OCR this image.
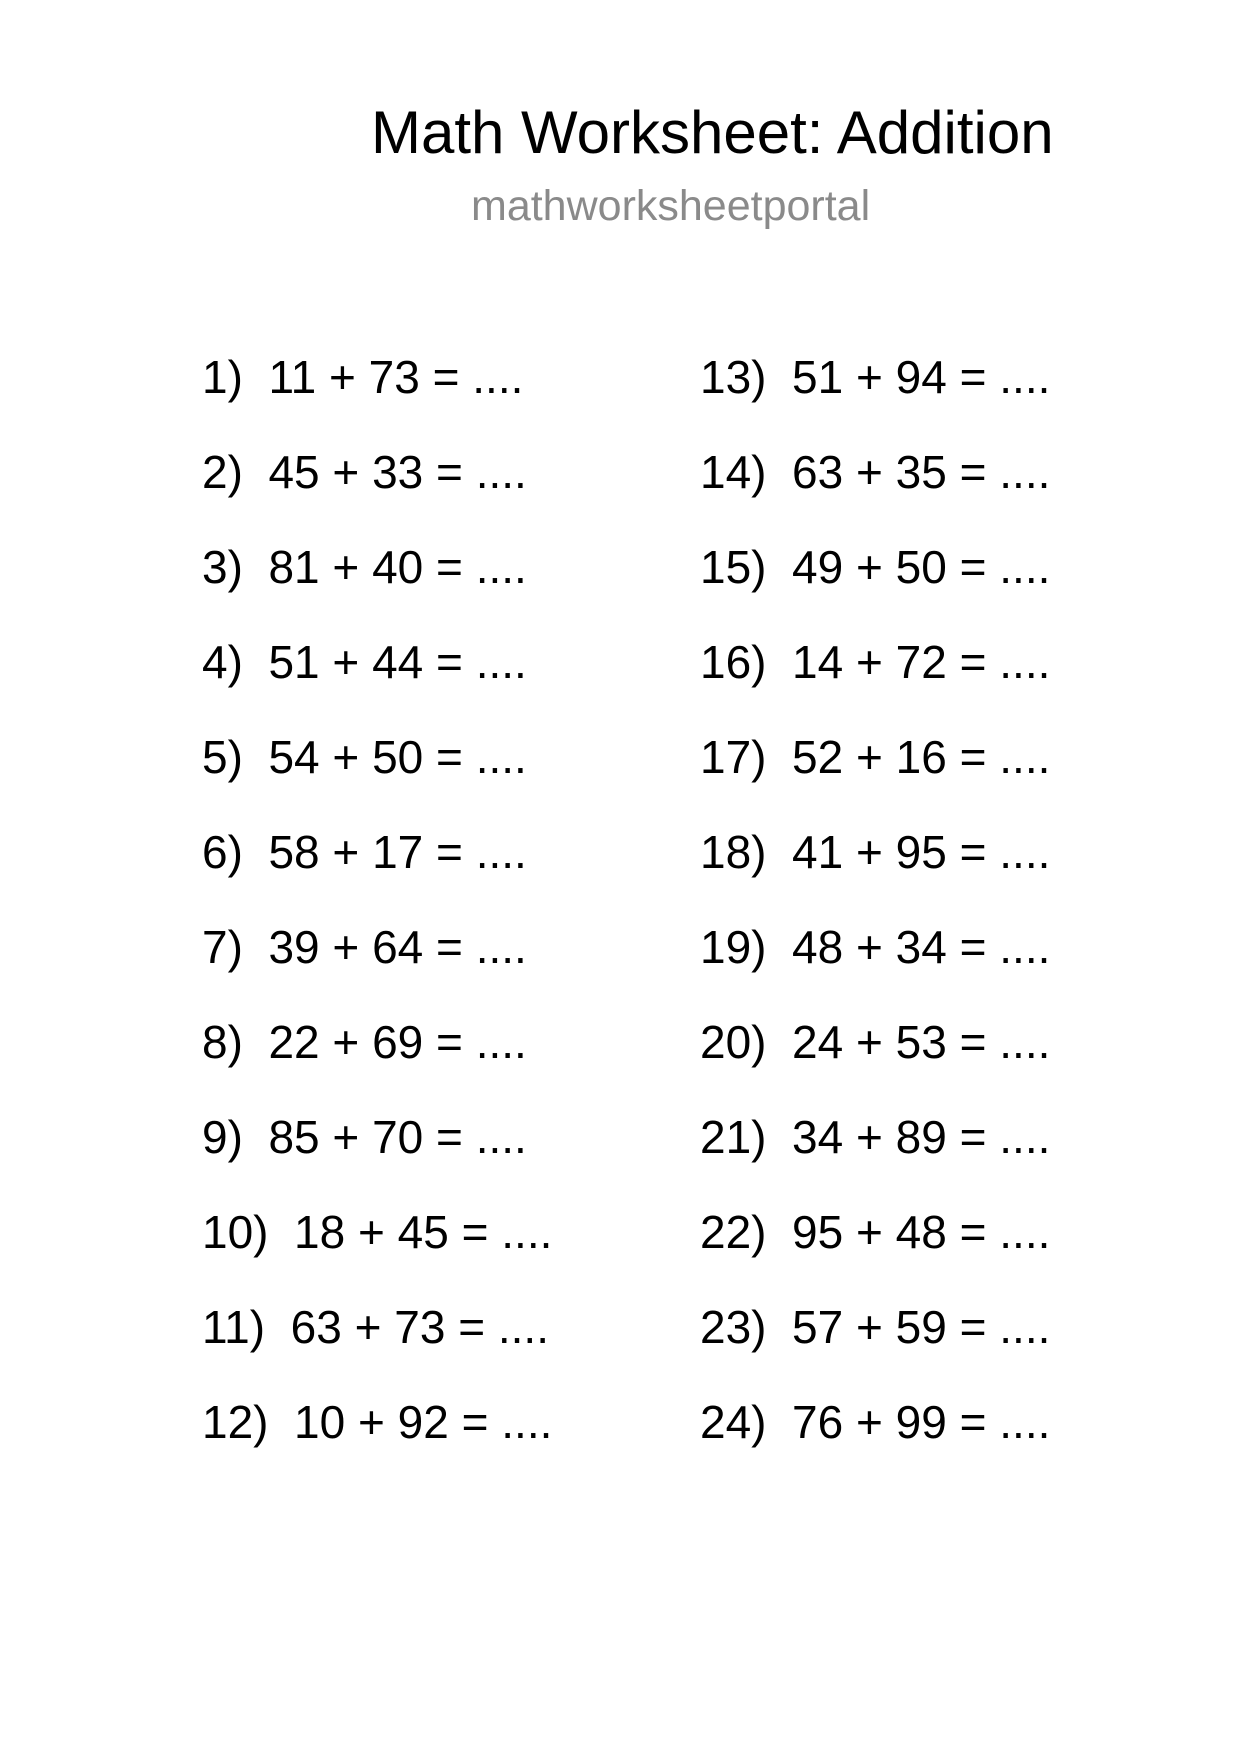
Math Worksheet: Addition
mathworksheetportal
1) 11 + 73 = ....
2) 45 + 33 = ....
3) 81 + 40 = ....
4) 51 + 44 = ....
5) 54 + 50 = ....
6) 58 + 17 = ....
7) 39 + 64 = ....
8) 22 + 69 = ....
9) 85 + 70 = ....
10) 18 + 45 = ....
11) 63 + 73 = ....
12) 10 + 92 = ....
13) 51 + 94 = ....
14) 63 + 35 = ....
15) 49 + 50 = ....
16) 14 + 72 = ....
17) 52 + 16 = ....
18) 41 + 95 = ....
19) 48 + 34 = ....
20) 24 + 53 = ....
21) 34 + 89 = ....
22) 95 + 48 = ....
23) 57 + 59 = ....
24) 76 + 99 = ....
